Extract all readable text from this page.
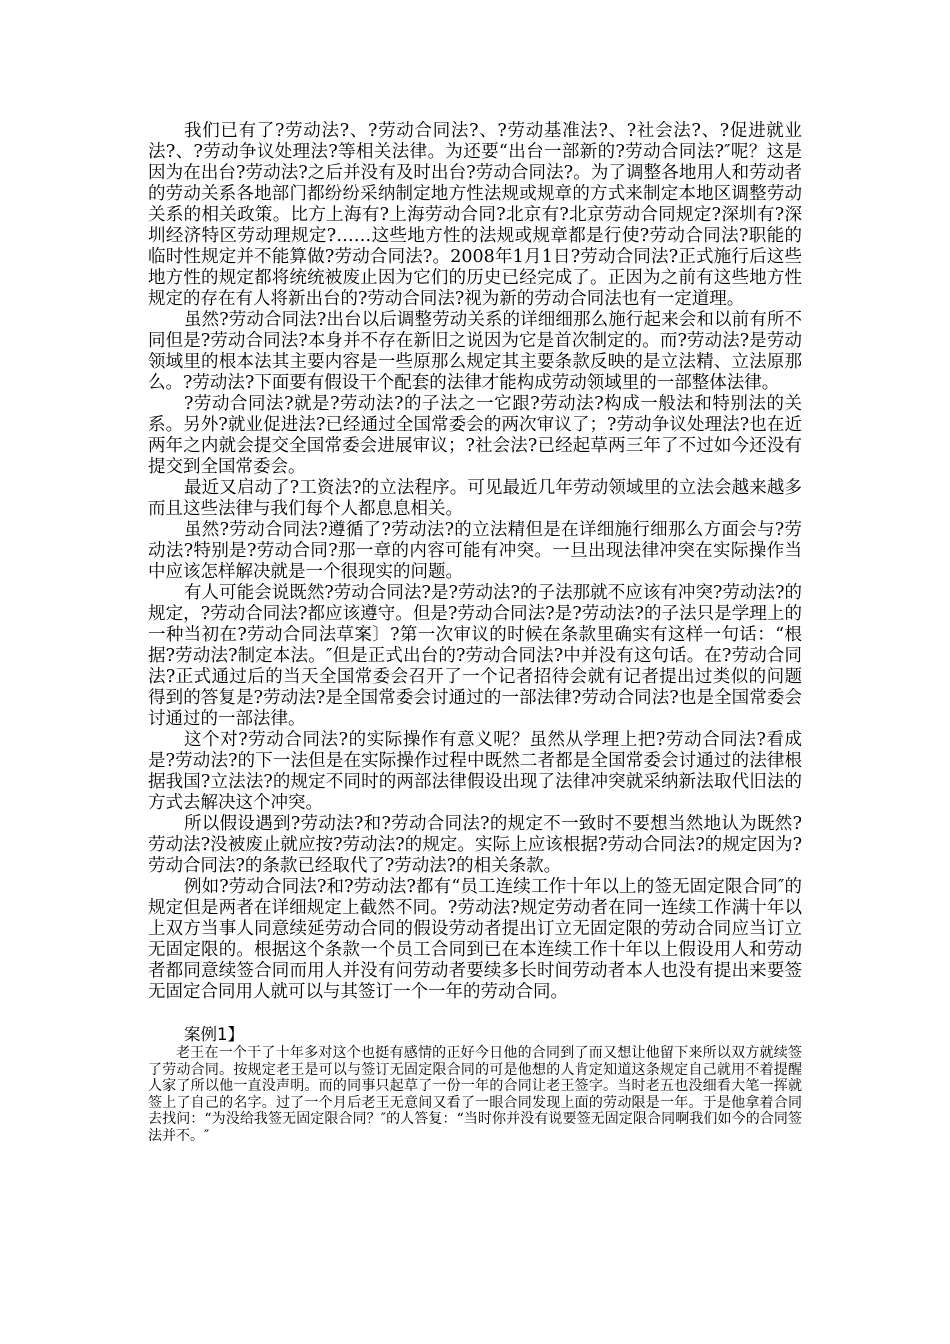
我们已有了?劳动法?、?劳动合同法?、?劳动基准法?、?社会法?、?促进就业法?、?劳动争议处理法?等相关法律。为还要“出台一部新的?劳动合同法?″呢？这是因为在出台?劳动法?之后并没有及时出台?劳动合同法?。为了调整各地用人和劳动者的劳动关系各地部门都纷纷采纳制定地方性法规或规章的方式来制定本地区调整劳动关系的相关政策。比方上海有?上海劳动合同?北京有?北京劳动合同规定?深圳有?深圳经济特区劳动理规定?……这些地方性的法规或规章都是行使?劳动合同法?职能的临时性规定并不能算做?劳动合同法?。2008年1月1日?劳动合同法?正式施行后这些地方性的规定都将统统被废止因为它们的历史已经完成了。正因为之前有这些地方性规定的存在有人将新出台的?劳动合同法?视为新的劳动合同法也有一定道理。

虽然?劳动合同法?出台以后调整劳动关系的详细细那么施行起来会和以前有所不同但是?劳动合同法?本身并不存在新旧之说因为它是首次制定的。而?劳动法?是劳动领域里的根本法其主要内容是一些原那么规定其主要条款反映的是立法精、立法原那么。?劳动法?下面要有假设干个配套的法律才能构成劳动领域里的一部整体法律。

?劳动合同法?就是?劳动法?的子法之一它跟?劳动法?构成一般法和特别法的关系。另外?就业促进法?已经通过全国常委会的两次审议了；?劳动争议处理法?也在近两年之内就会提交全国常委会进展审议；?社会法?已经起草两三年了不过如今还没有提交到全国常委会。

最近又启动了?工资法?的立法程序。可见最近几年劳动领域里的立法会越来越多而且这些法律与我们每个人都息息相关。

虽然?劳动合同法?遵循了?劳动法?的立法精但是在详细施行细那么方面会与?劳动法?特别是?劳动合同?那一章的内容可能有冲突。一旦出现法律冲突在实际操作当中应该怎样解决就是一个很现实的问题。

有人可能会说既然?劳动合同法?是?劳动法?的子法那就不应该有冲突?劳动法?的规定，?劳动合同法?都应该遵守。但是?劳动合同法?是?劳动法?的子法只是学理上的一种当初在?劳动合同法草案〕?第一次审议的时候在条款里确实有这样一句话：“根据?劳动法?制定本法。″但是正式出台的?劳动合同法?中并没有这句话。在?劳动合同法?正式通过后的当天全国常委会召开了一个记者招待会就有记者提出过类似的问题得到的答复是?劳动法?是全国常委会讨通过的一部法律?劳动合同法?也是全国常委会讨通过的一部法律。

这个对?劳动合同法?的实际操作有意义呢？虽然从学理上把?劳动合同法?看成是?劳动法?的下一法但是在实际操作过程中既然二者都是全国常委会讨通过的法律根据我国?立法法?的规定不同时的两部法律假设出现了法律冲突就采纳新法取代旧法的方式去解决这个冲突。

所以假设遇到?劳动法?和?劳动合同法?的规定不一致时不要想当然地认为既然?劳动法?没被废止就应按?劳动法?的规定。实际上应该根据?劳动合同法?的规定因为?劳动合同法?的条款已经取代了?劳动法?的相关条款。

例如?劳动合同法?和?劳动法?都有“员工连续工作十年以上的签无固定限合同″的规定但是两者在详细规定上截然不同。?劳动法?规定劳动者在同一连续工作满十年以上双方当事人同意续延劳动合同的假设劳动者提出订立无固定限的劳动合同应当订立无固定限的。根据这个条款一个员工合同到已在本连续工作十年以上假设用人和劳动者都同意续签合同而用人并没有问劳动者要续多长时间劳动者本人也没有提出来要签无固定合同用人就可以与其签订一个一年的劳动合同。

案例1】

老王在一个干了十年多对这个也挺有感情的正好今日他的合同到了而又想让他留下来所以双方就续签了劳动合同。按规定老王是可以与签订无固定限合同的可是他想的人肯定知道这条规定自己就用不着提醒人家了所以他一直没声明。而的同事只起草了一份一年的合同让老王签字。当时老五也没细看大笔一挥就签上了自己的名字。过了一个月后老王无意间又看了一眼合同发现上面的劳动限是一年。于是他拿着合同去找问：“为没给我签无固定限合同？″的人答复：“当时你并没有说要签无固定限合同啊我们如今的合同签法并不。″
